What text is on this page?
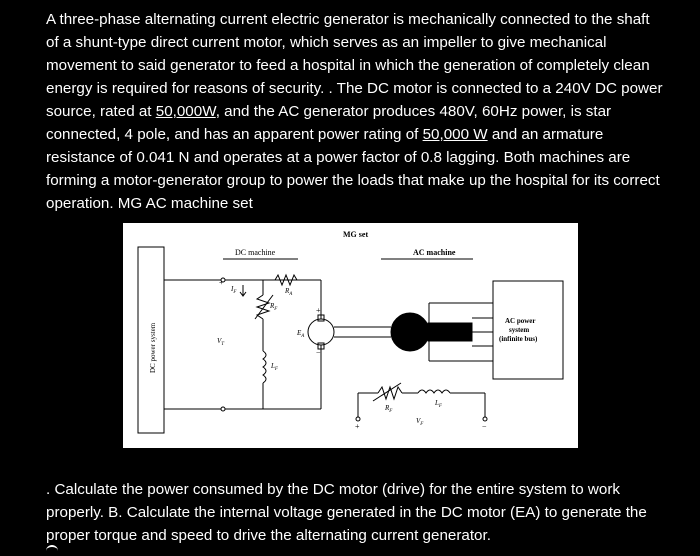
A three-phase alternating current electric generator is mechanically connected to the shaft of a shunt-type direct current motor, which serves as an impeller to give mechanical movement to said generator to feed a hospital in which the generation of completely clean energy is required for reasons of security. . The DC motor is connected to a 240V DC power source, rated at 50,000W, and the AC generator produces 480V, 60Hz power, is star connected, 4 pole, and has an apparent power rating of 50,000 W and an armature resistance of 0.041 N and operates at a power factor of 0.8 lagging. Both machines are forming a motor-generator group to power the loads that make up the hospital for its correct operation. MG AC machine set

MG set
DC machine	AC machine
DC power system
AC power
system
(infinite bus)
$R_A$
$R_F$
$L_F$
$V_T$
$E_A$
$I_F$
$R_F$
$V_F$
$L_F$
+
+
−
+	−

. Calculate the power consumed by the DC motor (drive) for the entire system to work properly. B. Calculate the internal voltage generated in the DC motor (EA) to generate the proper torque and speed to drive the alternating current generator.
